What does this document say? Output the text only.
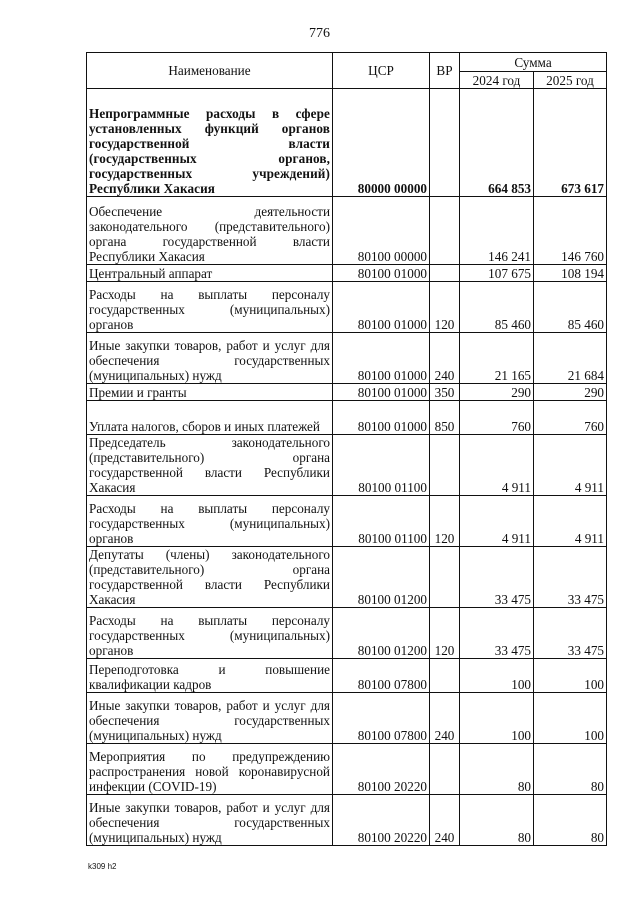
776
Наименование	ЦСР	ВР	Сумма	
			2024 год	2025 год
Непрограммные расходы в сфере установленных функций органов государственной власти (государственных органов, государственных учреждений) Республики Хакасия	80000 00000		664 853	673 617
Обеспечение деятельности законодательного (представительного) органа государственной власти Республики Хакасия	80100 00000		146 241	146 760
Центральный аппарат	80100 01000		107 675	108 194
Расходы на выплаты персоналу государственных (муниципальных) органов	80100 01000	120	85 460	85 460
Иные закупки товаров, работ и услуг для обеспечения государственных (муниципальных) нужд	80100 01000	240	21 165	21 684
Премии и гранты	80100 01000	350	290	290
Уплата налогов, сборов и иных платежей	80100 01000	850	760	760
Председатель законодательного (представительного) органа государственной власти Республики Хакасия	80100 01100		4 911	4 911
Расходы на выплаты персоналу государственных (муниципальных) органов	80100 01100	120	4 911	4 911
Депутаты (члены) законодательного (представительного) органа государственной власти Республики Хакасия	80100 01200		33 475	33 475
Расходы на выплаты персоналу государственных (муниципальных) органов	80100 01200	120	33 475	33 475
Переподготовка и повышение квалификации кадров	80100 07800		100	100
Иные закупки товаров, работ и услуг для обеспечения государственных (муниципальных) нужд	80100 07800	240	100	100
Мероприятия по предупреждению распространения новой коронавирусной инфекции (COVID-19)	80100 20220		80	80
Иные закупки товаров, работ и услуг для обеспечения государственных (муниципальных) нужд	80100 20220	240	80	80
k309 h2
